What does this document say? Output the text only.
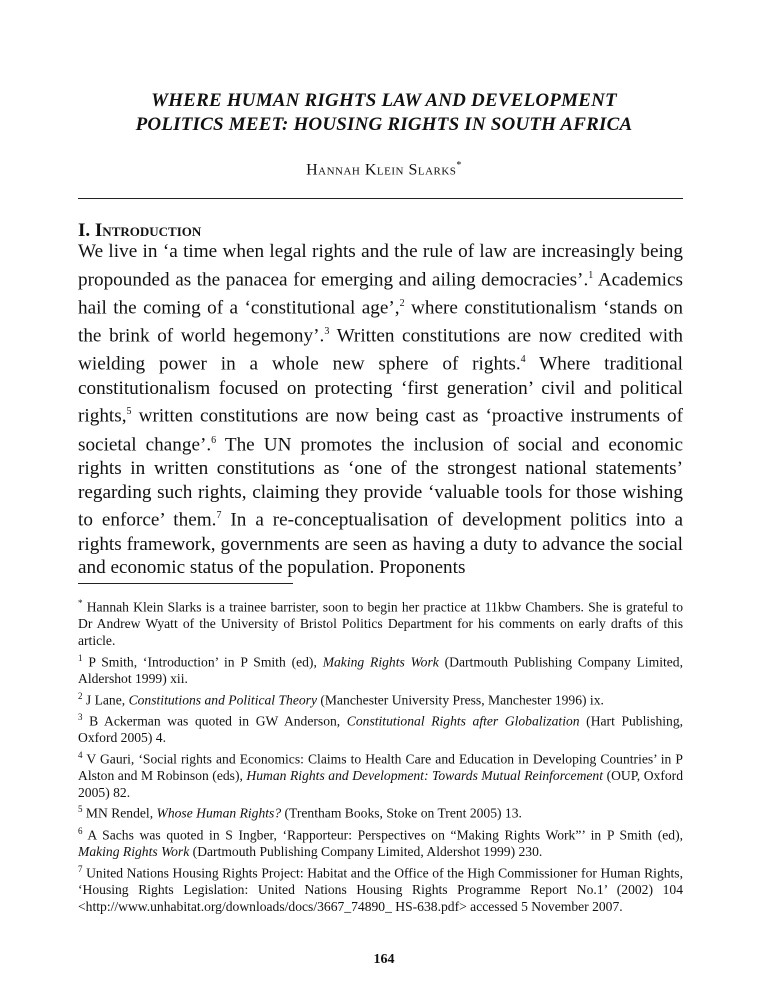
WHERE HUMAN RIGHTS LAW AND DEVELOPMENT
POLITICS MEET: HOUSING RIGHTS IN SOUTH AFRICA
Hannah Klein Slarks*
I. Introduction

We live in ‘a time when legal rights and the rule of law are increasingly being propounded as the panacea for emerging and ailing democracies’.$^1$ Academics hail the coming of a ‘constitutional age’,$^2$ where constitutionalism ‘stands on the brink of world hegemony’.$^3$ Written constitutions are now credited with wielding power in a whole new sphere of rights.$^4$ Where traditional constitutionalism focused on protecting ‘first generation’ civil and political rights,$^5$ written constitutions are now being cast as ‘proactive instruments of societal change’.$^6$ The UN promotes the inclusion of social and economic rights in written constitutions as ‘one of the strongest national statements’ regarding such rights, claiming they provide ‘valuable tools for those wishing to enforce’ them.$^7$ In a re-conceptualisation of development politics into a rights framework, governments are seen as having a duty to advance the social and economic status of the population. Proponents

* Hannah Klein Slarks is a trainee barrister, soon to begin her practice at 11kbw Chambers. She is grateful to Dr Andrew Wyatt of the University of Bristol Politics Department for his comments on early drafts of this article.

$^1$ P Smith, ‘Introduction’ in P Smith (ed), Making Rights Work (Dartmouth Publishing Company Limited, Aldershot 1999) xii.

$^2$ J Lane, Constitutions and Political Theory (Manchester University Press, Manchester 1996) ix.

$^3$ B Ackerman was quoted in GW Anderson, Constitutional Rights after Globalization (Hart Publishing, Oxford 2005) 4.

$^4$ V Gauri, ‘Social rights and Economics: Claims to Health Care and Education in Developing Countries’ in P Alston and M Robinson (eds), Human Rights and Development: Towards Mutual Reinforcement (OUP, Oxford 2005) 82.

$^5$ MN Rendel, Whose Human Rights? (Trentham Books, Stoke on Trent 2005) 13.

$^6$ A Sachs was quoted in S Ingber, ‘Rapporteur: Perspectives on “Making Rights Work”’ in P Smith (ed), Making Rights Work (Dartmouth Publishing Company Limited, Aldershot 1999) 230.

$^7$ United Nations Housing Rights Project: Habitat and the Office of the High Commissioner for Human Rights, ‘Housing Rights Legislation: United Nations Housing Rights Programme Report No.1’ (2002) 104 <http://www.unhabitat.org/downloads/docs/3667_74890_ HS-638.pdf> accessed 5 November 2007.

164
